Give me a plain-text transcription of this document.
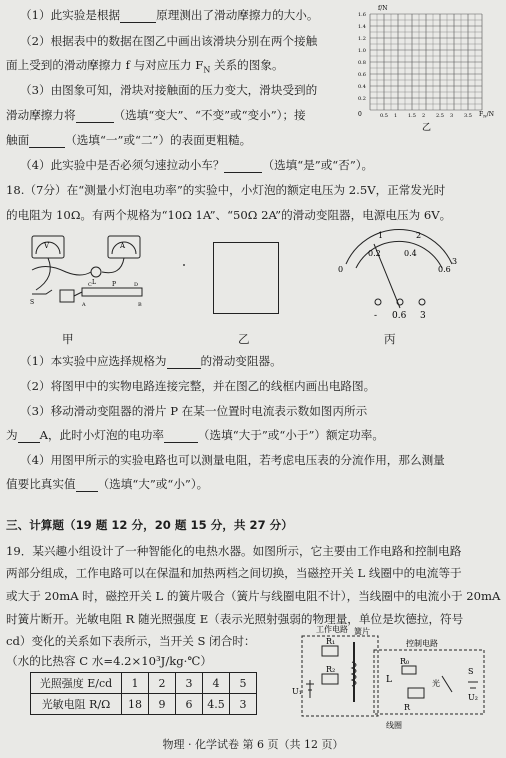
（1）此实验是根据	原理测出了滑动摩擦力的大小。
（2）根据表中的数据在图乙中画出该滑块分别在两个接触
面上受到的滑动摩擦力 f 与对应压力 $F_N$ 关系的图象。
（3）由图象可知，滑块对接触面的压力变大，滑块受到的
滑动摩擦力将	（选填“变大”、“不变”或“变小”）；接
触面	（选填“一”或“二”）的表面更粗糙。
（4）此实验中是否必须匀速拉动小车？	（选填“是”或“否”）。
0.2
0.4
0.6
0.8
1.0
1.2
1.4
1.6
0.5 1 1.5 2 2.5 3 3.5
f/N
0	$F_N/N$
乙
18.（7分）在“测量小灯泡电功率”的实验中，小灯泡的额定电压为 2.5V，正常发光时
的电阻为 10Ω。有两个规格为“10Ω 1A”、“50Ω 2A”的滑动变阻器，电源电压为 6V。
V	A
L
S
P
C	D
A	B
甲	乙
0
0.2	0.4
0.6
1	2
3
- 0.6 3
丙
（1）本实验中应选择规格为	的滑动变阻器。
（2）将图甲中的实物电路连接完整，并在图乙的线框内画出电路图。
（3）移动滑动变阻器的滑片 P 在某一位置时电流表示数如图丙所示
为 A，此时小灯泡的电功率	（选填“大于”或“小于”）额定功率。
（4）用图甲所示的实验电路也可以测量电阻，若考虑电压表的分流作用，那么测量
值要比真实值 （选填“大”或“小”）。
三、计算题（19 题 12 分，20 题 15 分，共 27 分）
19．某兴趣小组设计了一种智能化的电热水器。如图所示，它主要由工作电路和控制电路
两部分组成，工作电路可以在保温和加热两档之间切换，当磁控开关 L 线圈中的电流等于
或大于 20mA 时，磁控开关 L 的簧片吸合（簧片与线圈电阻不计），当线圈中的电流小于 20mA
时簧片断开。光敏电阻 R 随光照强度 E（表示光照射强弱的物理量，单位是坎德拉，符号
cd）变化的关系如下表所示，当开关 S 闭合时：
（水的比热容 C 水=4.2×10³J/kg·℃）
光照强度 E/cd	1	2	3	4	5
光敏电阻 R/Ω	18	9	6	4.5	3
工作电路 簧片
控制电路
R₁
R₂
U₁
U₂
R₀
L	光
S
R
线圈
物理 · 化学试卷 第 6 页（共 12 页）
